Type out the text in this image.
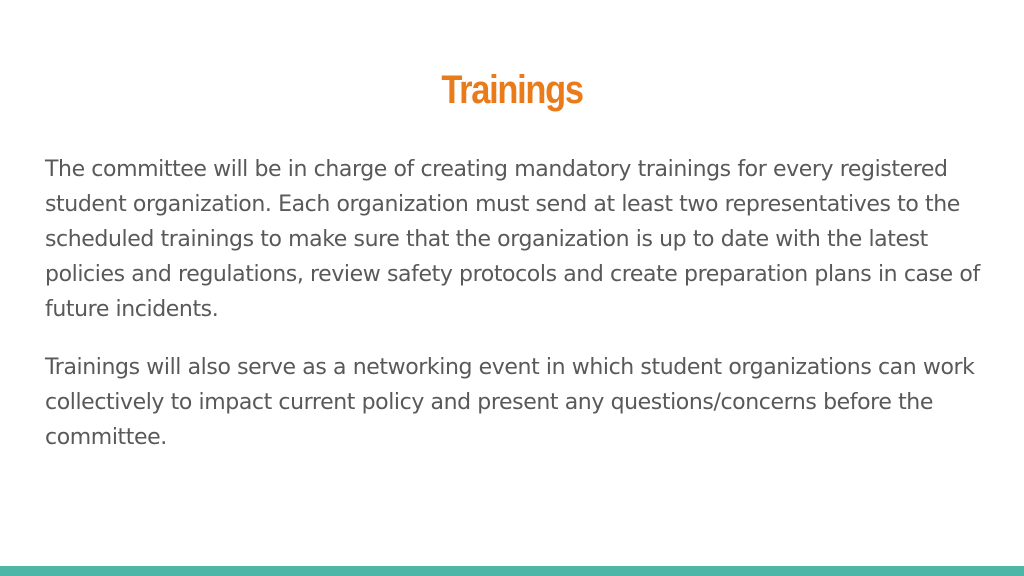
Trainings

The committee will be in charge of creating mandatory trainings for every registered student organization. Each organization must send at least two representatives to the scheduled trainings to make sure that the organization is up to date with the latest policies and regulations, review safety protocols and create preparation plans in case of future incidents.

Trainings will also serve as a networking event in which student organizations can work collectively to impact current policy and present any questions/concerns before the committee.
